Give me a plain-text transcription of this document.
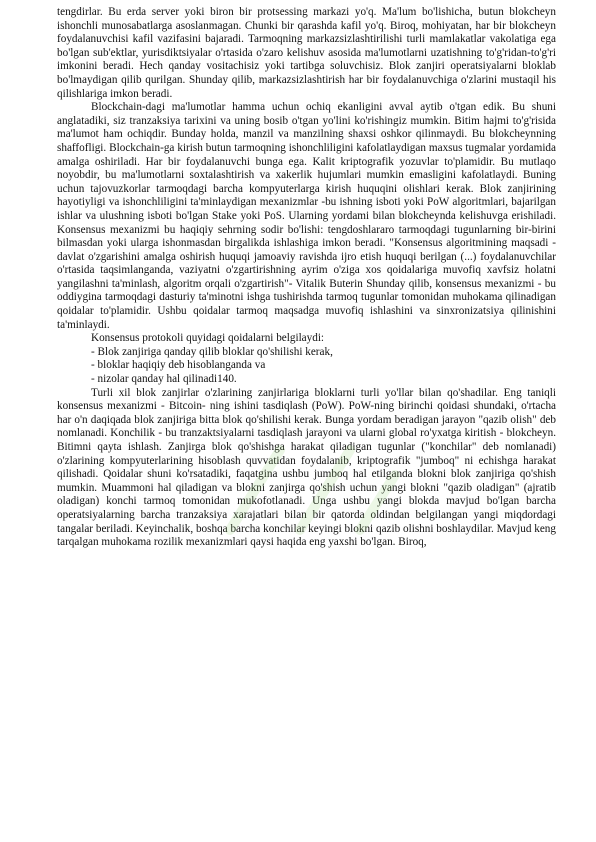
tengdirlar. Bu erda server yoki biron bir protsessing markazi yo'q. Ma'lum bo'lishicha, butun blokcheyn ishonchli munosabatlarga asoslanmagan. Chunki bir qarashda kafil yo'q. Biroq, mohiyatan, har bir blokcheyn foydalanuvchisi kafil vazifasini bajaradi. Tarmoqning markazsizlashtirilishi turli mamlakatlar vakolatiga ega bo'lgan sub'ektlar, yurisdiktsiyalar o'rtasida o'zaro kelishuv asosida ma'lumotlarni uzatishning to'g'ridan-to'g'ri imkonini beradi. Hech qanday vositachisiz yoki tartibga soluvchisiz. Blok zanjiri operatsiyalarni bloklab bo'lmaydigan qilib qurilgan. Shunday qilib, markazsizlashtirish har bir foydalanuvchiga o'zlarini mustaqil his qilishlariga imkon beradi.

Blockchain-dagi ma'lumotlar hamma uchun ochiq ekanligini avval aytib o'tgan edik. Bu shuni anglatadiki, siz tranzaksiya tarixini va uning bosib o'tgan yo'lini ko'rishingiz mumkin. Bitim hajmi to'g'risida ma'lumot ham ochiqdir. Bunday holda, manzil va manzilning shaxsi oshkor qilinmaydi. Bu blokcheynning shaffofligi. Blockchain-ga kirish butun tarmoqning ishonchliligini kafolatlaydigan maxsus tugmalar yordamida amalga oshiriladi. Har bir foydalanuvchi bunga ega. Kalit kriptografik yozuvlar to'plamidir. Bu mutlaqo noyobdir, bu ma'lumotlarni soxtalashtirish va xakerlik hujumlari mumkin emasligini kafolatlaydi. Buning uchun tajovuzkorlar tarmoqdagi barcha kompyuterlarga kirish huquqini olishlari kerak. Blok zanjirining hayotiyligi va ishonchliligini ta'minlaydigan mexanizmlar -bu ishning isboti yoki PoW algoritmlari, bajarilgan ishlar va ulushning isboti bo'lgan Stake yoki PoS. Ularning yordami bilan blokcheynda kelishuvga erishiladi. Konsensus mexanizmi bu haqiqiy sehrning sodir bo'lishi: tengdoshlararo tarmoqdagi tugunlarning bir-birini bilmasdan yoki ularga ishonmasdan birgalikda ishlashiga imkon beradi. "Konsensus algoritmining maqsadi - davlat o'zgarishini amalga oshirish huquqi jamoaviy ravishda ijro etish huquqi berilgan (...) foydalanuvchilar o'rtasida taqsimlanganda, vaziyatni o'zgartirishning ayrim o'ziga xos qoidalariga muvofiq xavfsiz holatni yangilashni ta'minlash, algoritm orqali o'zgartirish"- Vitalik Buterin Shunday qilib, konsensus mexanizmi - bu oddiygina tarmoqdagi dasturiy ta'minotni ishga tushirishda tarmoq tugunlar tomonidan muhokama qilinadigan qoidalar to'plamidir. Ushbu qoidalar tarmoq maqsadga muvofiq ishlashini va sinxronizatsiya qilinishini ta'minlaydi.

Konsensus protokoli quyidagi qoidalarni belgilaydi:

- Blok zanjiriga qanday qilib bloklar qo'shilishi kerak,

- bloklar haqiqiy deb hisoblanganda va

- nizolar qanday hal qilinadi140.

Turli xil blok zanjirlar o'zlarining zanjirlariga bloklarni turli yo'llar bilan qo'shadilar. Eng taniqli konsensus mexanizmi - Bitcoin- ning ishini tasdiqlash (PoW). PoW-ning birinchi qoidasi shundaki, o'rtacha har o'n daqiqada blok zanjiriga bitta blok qo'shilishi kerak. Bunga yordam beradigan jarayon "qazib olish" deb nomlanadi. Konchilik - bu tranzaktsiyalarni tasdiqlash jarayoni va ularni global ro'yxatga kiritish - blokcheyn. Bitimni qayta ishlash. Zanjirga blok qo'shishga harakat qiladigan tugunlar ("konchilar" deb nomlanadi) o'zlarining kompyuterlarining hisoblash quvvatidan foydalanib, kriptografik "jumboq" ni echishga harakat qilishadi. Qoidalar shuni ko'rsatadiki, faqatgina ushbu jumboq hal etilganda blokni blok zanjiriga qo'shish mumkin. Muammoni hal qiladigan va blokni zanjirga qo'shish uchun yangi blokni "qazib oladigan" (ajratib oladigan) konchi tarmoq tomonidan mukofotlanadi. Unga ushbu yangi blokda mavjud bo'lgan barcha operatsiyalarning barcha tranzaksiya xarajatlari bilan bir qatorda oldindan belgilangan yangi miqdordagi tangalar beriladi. Keyinchalik, boshqa barcha konchilar keyingi blokni qazib olishni boshlaydilar. Mavjud keng tarqalgan muhokama rozilik mexanizmlari qaysi haqida eng yaxshi bo'lgan. Biroq,
